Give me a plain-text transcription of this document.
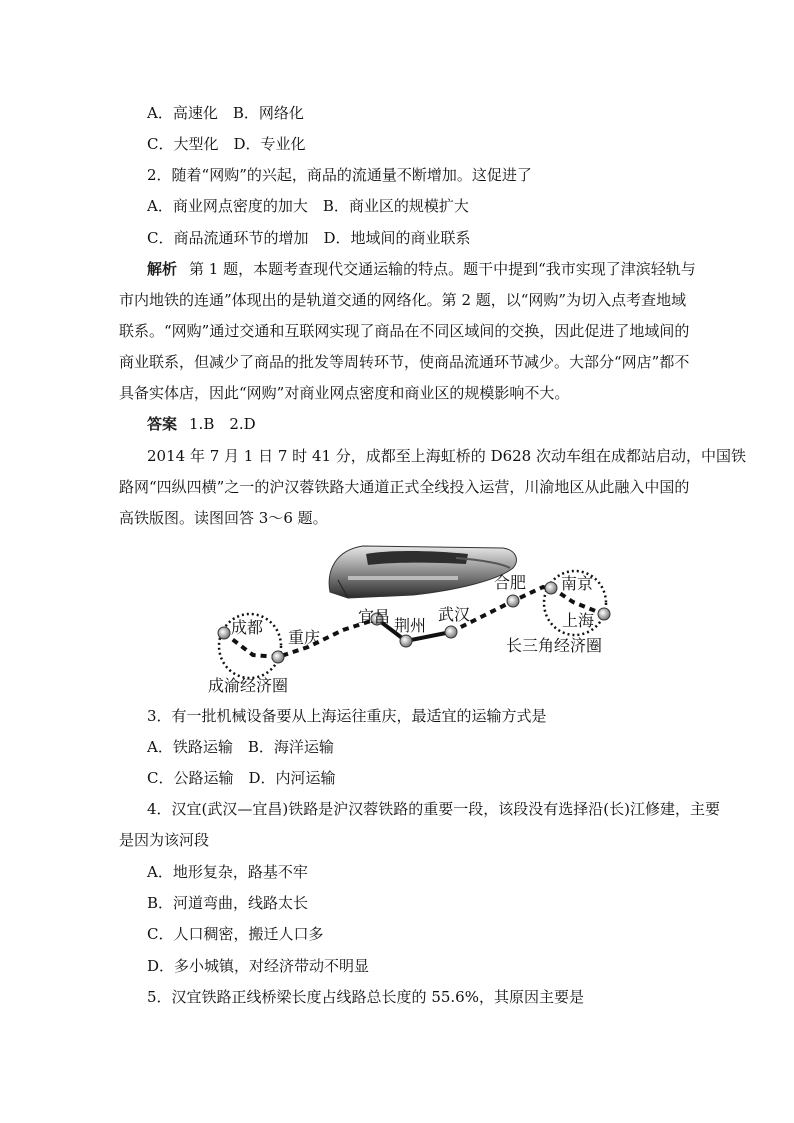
A．高速化　B．网络化
C．大型化　D．专业化
2．随着“网购”的兴起，商品的流通量不断增加。这促进了
A．商业网点密度的加大　B．商业区的规模扩大
C．商品流通环节的增加　D．地域间的商业联系
解析 第 1 题，本题考查现代交通运输的特点。题干中提到“我市实现了津滨轻轨与
市内地铁的连通”体现出的是轨道交通的网络化。第 2 题，以“网购”为切入点考查地域
联系。“网购”通过交通和互联网实现了商品在不同区域间的交换，因此促进了地域间的
商业联系，但减少了商品的批发等周转环节，使商品流通环节减少。大部分“网店”都不
具备实体店，因此“网购”对商业网点密度和商业区的规模影响不大。
答案 1.B　2.D
2014 年 7 月 1 日 7 时 41 分，成都至上海虹桥的 D628 次动车组在成都站启动，中国铁
路网“四纵四横”之一的沪汉蓉铁路大通道正式全线投入运营，川渝地区从此融入中国的
高铁版图。读图回答 3～6 题。
成都
重庆
宜昌 荆州
武汉
合肥 南京
上海
成渝经济圈
长三角经济圈
3．有一批机械设备要从上海运往重庆，最适宜的运输方式是
A．铁路运输　B．海洋运输
C．公路运输　D．内河运输
4．汉宜(武汉—宜昌)铁路是沪汉蓉铁路的重要一段，该段没有选择沿(长)江修建，主要
是因为该河段
A．地形复杂，路基不牢
B．河道弯曲，线路太长
C．人口稠密，搬迁人口多
D．多小城镇，对经济带动不明显
5．汉宜铁路正线桥梁长度占线路总长度的 55.6%，其原因主要是
